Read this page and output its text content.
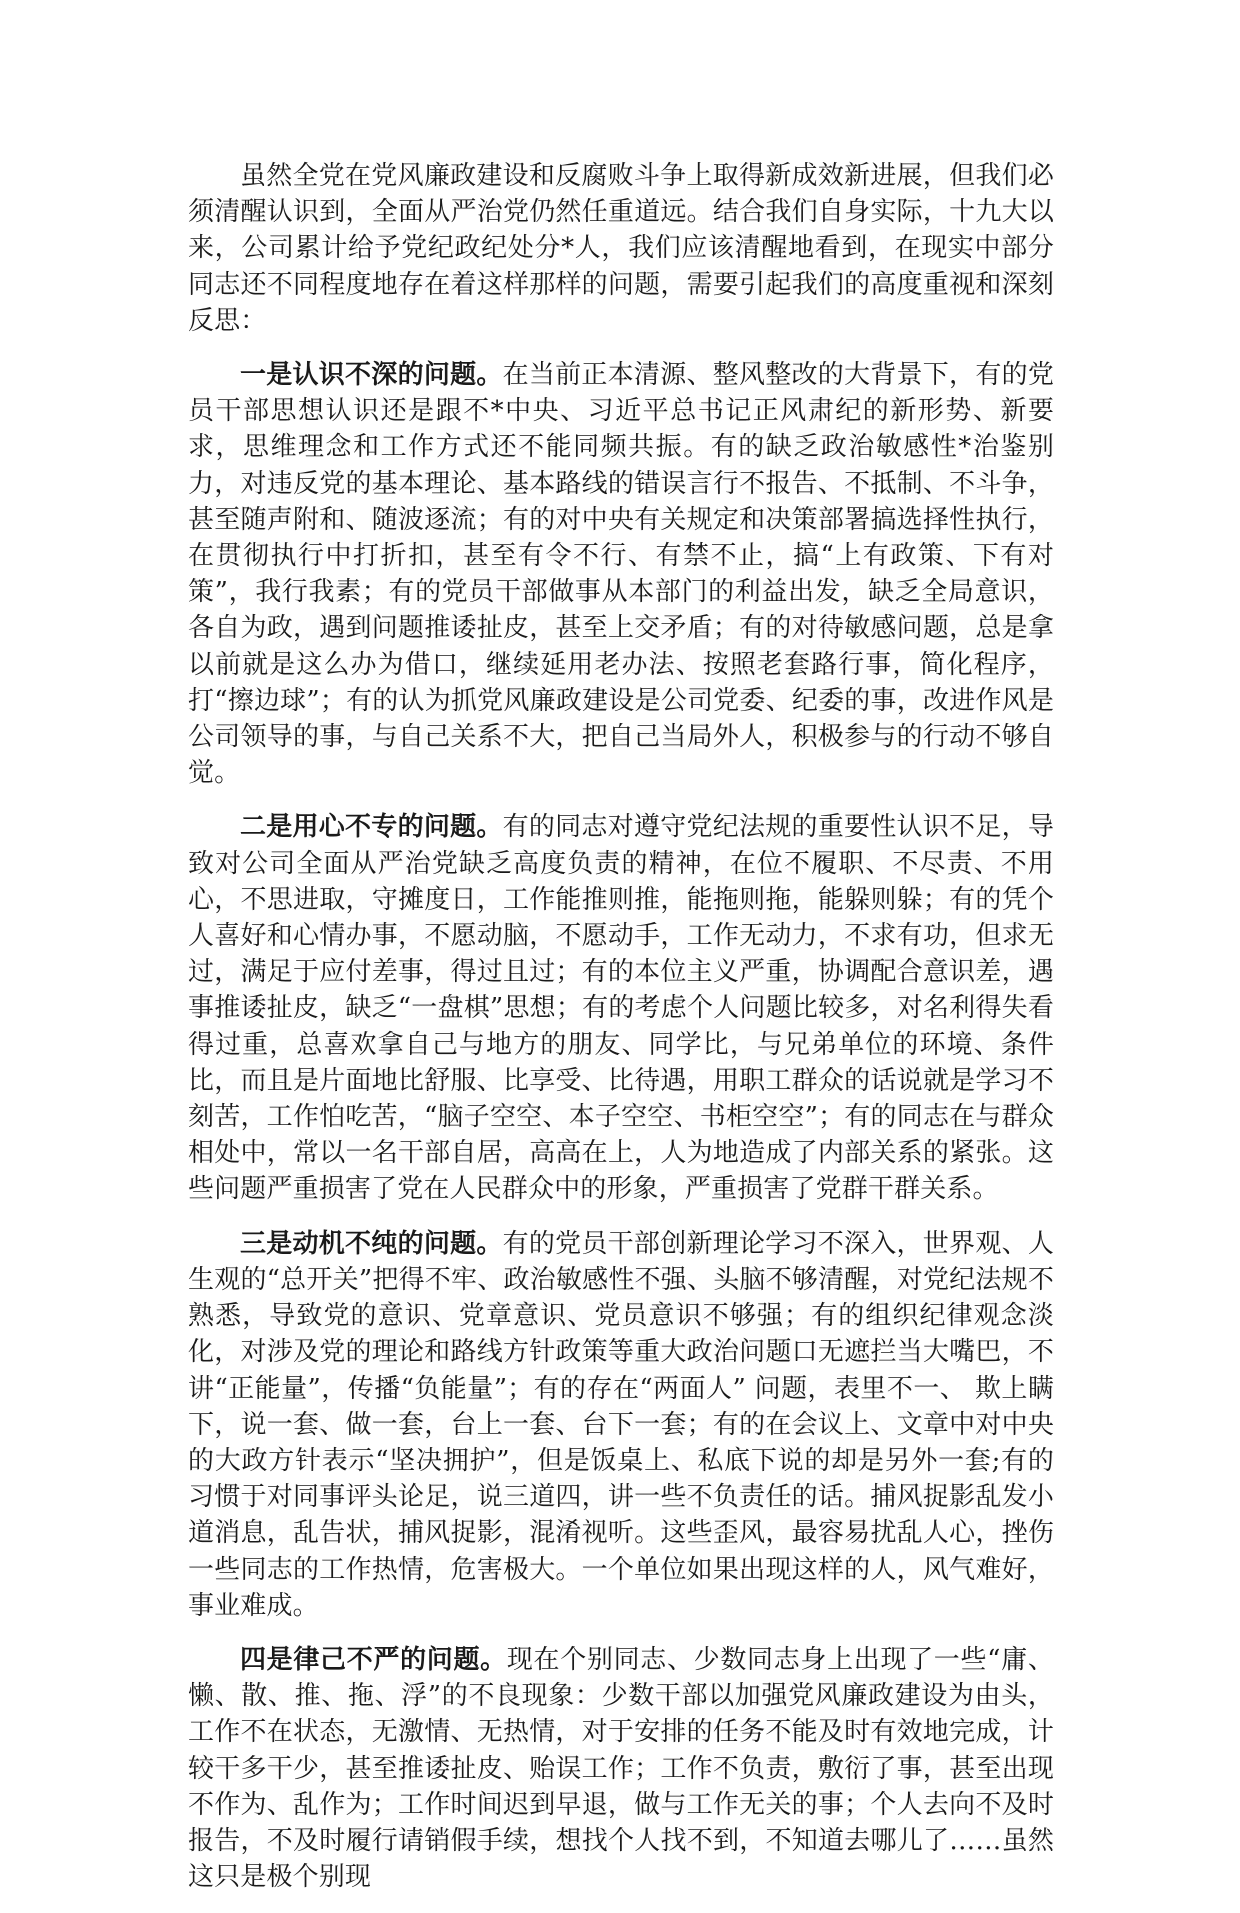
虽然全党在党风廉政建设和反腐败斗争上取得新成效新进展，但我们必须清醒认识到，全面从严治党仍然任重道远。结合我们自身实际，十九大以来，公司累计给予党纪政纪处分*人，我们应该清醒地看到，在现实中部分同志还不同程度地存在着这样那样的问题，需要引起我们的高度重视和深刻反思：

一是认识不深的问题。在当前正本清源、整风整改的大背景下，有的党员干部思想认识还是跟不*中央、习近平总书记正风肃纪的新形势、新要求，思维理念和工作方式还不能同频共振。有的缺乏政治敏感性*治鉴别力，对违反党的基本理论、基本路线的错误言行不报告、不抵制、不斗争，甚至随声附和、随波逐流；有的对中央有关规定和决策部署搞选择性执行，在贯彻执行中打折扣，甚至有令不行、有禁不止，搞“上有政策、下有对策”，我行我素；有的党员干部做事从本部门的利益出发，缺乏全局意识，各自为政，遇到问题推诿扯皮，甚至上交矛盾；有的对待敏感问题，总是拿以前就是这么办为借口，继续延用老办法、按照老套路行事，简化程序，打“擦边球”；有的认为抓党风廉政建设是公司党委、纪委的事，改进作风是公司领导的事，与自己关系不大，把自己当局外人，积极参与的行动不够自觉。

二是用心不专的问题。有的同志对遵守党纪法规的重要性认识不足，导致对公司全面从严治党缺乏高度负责的精神，在位不履职、不尽责、不用心，不思进取，守摊度日，工作能推则推，能拖则拖，能躲则躲；有的凭个人喜好和心情办事，不愿动脑，不愿动手，工作无动力，不求有功，但求无过，满足于应付差事，得过且过；有的本位主义严重，协调配合意识差，遇事推诿扯皮，缺乏“一盘棋”思想；有的考虑个人问题比较多，对名利得失看得过重，总喜欢拿自己与地方的朋友、同学比，与兄弟单位的环境、条件比，而且是片面地比舒服、比享受、比待遇，用职工群众的话说就是学习不刻苦，工作怕吃苦，“脑子空空、本子空空、书柜空空”；有的同志在与群众相处中，常以一名干部自居，高高在上，人为地造成了内部关系的紧张。这些问题严重损害了党在人民群众中的形象，严重损害了党群干群关系。

三是动机不纯的问题。有的党员干部创新理论学习不深入，世界观、人生观的“总开关”把得不牢、政治敏感性不强、头脑不够清醒，对党纪法规不熟悉，导致党的意识、党章意识、党员意识不够强；有的组织纪律观念淡化，对涉及党的理论和路线方针政策等重大政治问题口无遮拦当大嘴巴，不讲“正能量”，传播“负能量”；有的存在“两面人” 问题，表里不一、 欺上瞒下，说一套、做一套，台上一套、台下一套；有的在会议上、文章中对中央的大政方针表示“坚决拥护”，但是饭桌上、私底下说的却是另外一套;有的习惯于对同事评头论足，说三道四，讲一些不负责任的话。捕风捉影乱发小道消息，乱告状，捕风捉影，混淆视听。这些歪风，最容易扰乱人心，挫伤一些同志的工作热情，危害极大。一个单位如果出现这样的人，风气难好，事业难成。

四是律己不严的问题。现在个别同志、少数同志身上出现了一些“庸、懒、散、推、拖、浮”的不良现象：少数干部以加强党风廉政建设为由头，工作不在状态，无激情、无热情，对于安排的任务不能及时有效地完成，计较干多干少，甚至推诿扯皮、贻误工作；工作不负责，敷衍了事，甚至出现不作为、乱作为；工作时间迟到早退，做与工作无关的事；个人去向不及时报告，不及时履行请销假手续，想找个人找不到，不知道去哪儿了……虽然这只是极个别现
